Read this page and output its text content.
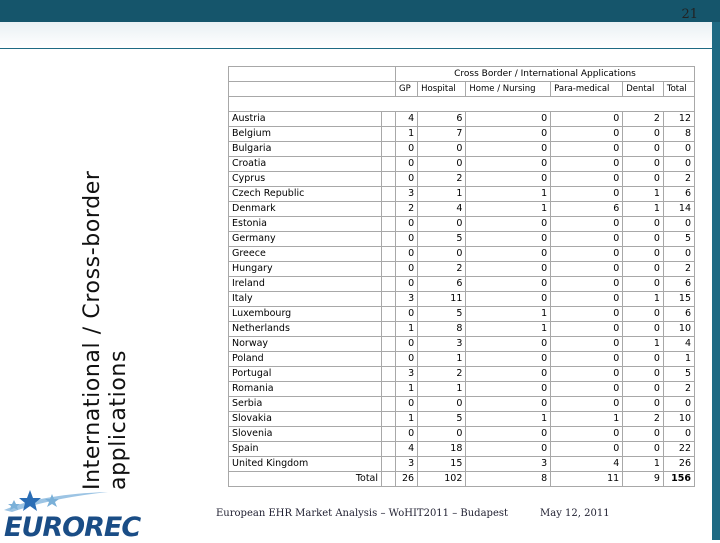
21
International / Cross-border applications
		Cross Border / International Applications					
		GP	Hospital	Home / Nursing	Para-medical	Dental	Total

Austria		4	6	0	0	2	12
Belgium		1	7	0	0	0	8
Bulgaria		0	0	0	0	0	0
Croatia		0	0	0	0	0	0
Cyprus		0	2	0	0	0	2
Czech Republic		3	1	1	0	1	6
Denmark		2	4	1	6	1	14
Estonia		0	0	0	0	0	0
Germany		0	5	0	0	0	5
Greece		0	0	0	0	0	0
Hungary		0	2	0	0	0	2
Ireland		0	6	0	0	0	6
Italy		3	11	0	0	1	15
Luxembourg		0	5	1	0	0	6
Netherlands		1	8	1	0	0	10
Norway		0	3	0	0	1	4
Poland		0	1	0	0	0	1
Portugal		3	2	0	0	0	5
Romania		1	1	0	0	0	2
Serbia		0	0	0	0	0	0
Slovakia		1	5	1	1	2	10
Slovenia		0	0	0	0	0	0
Spain		4	18	0	0	0	22
United Kingdom		3	15	3	4	1	26
Total		26	102	8	11	9	156
EUROREC	European EHR Market Analysis – WoHIT2011 – Budapest	May 12, 2011
